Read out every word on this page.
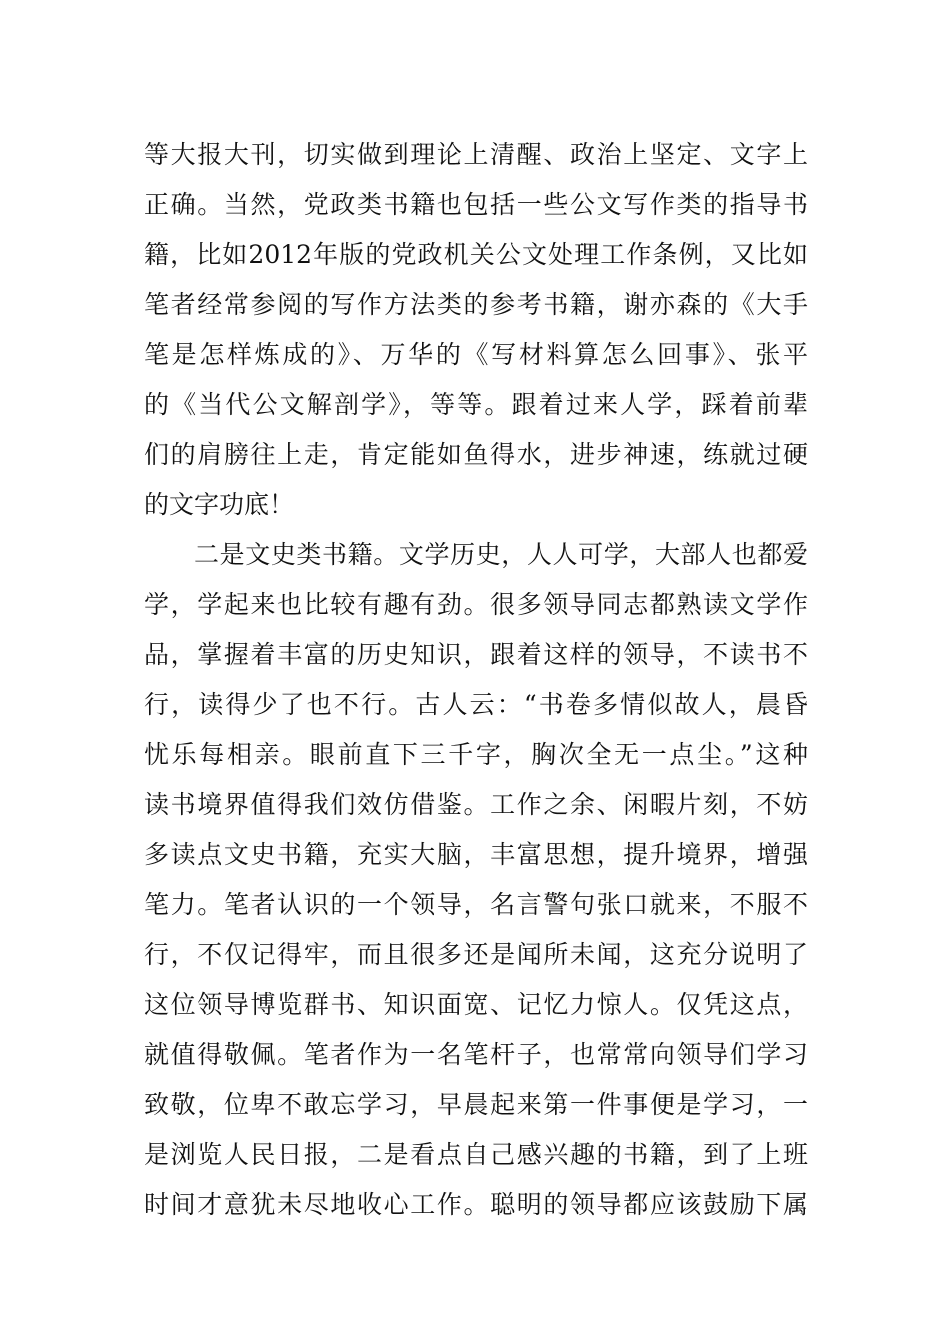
等大报大刊，切实做到理论上清醒、政治上坚定、文字上
正确。当然，党政类书籍也包括一些公文写作类的指导书
籍，比如2012年版的党政机关公文处理工作条例，又比如
笔者经常参阅的写作方法类的参考书籍，谢亦森的《大手
笔是怎样炼成的》、万华的《写材料算怎么回事》、张平
的《当代公文解剖学》，等等。跟着过来人学，踩着前辈
们的肩膀往上走，肯定能如鱼得水，进步神速，练就过硬
的文字功底！
二是文史类书籍。文学历史，人人可学，大部人也都爱
学，学起来也比较有趣有劲。很多领导同志都熟读文学作
品，掌握着丰富的历史知识，跟着这样的领导，不读书不
行，读得少了也不行。古人云：“书卷多情似故人，晨昏
忧乐每相亲。眼前直下三千字，胸次全无一点尘。”这种
读书境界值得我们效仿借鉴。工作之余、闲暇片刻，不妨
多读点文史书籍，充实大脑，丰富思想，提升境界，增强
笔力。笔者认识的一个领导，名言警句张口就来，不服不
行，不仅记得牢，而且很多还是闻所未闻，这充分说明了
这位领导博览群书、知识面宽、记忆力惊人。仅凭这点，
就值得敬佩。笔者作为一名笔杆子，也常常向领导们学习
致敬，位卑不敢忘学习，早晨起来第一件事便是学习，一
是浏览人民日报，二是看点自己感兴趣的书籍，到了上班
时间才意犹未尽地收心工作。聪明的领导都应该鼓励下属
